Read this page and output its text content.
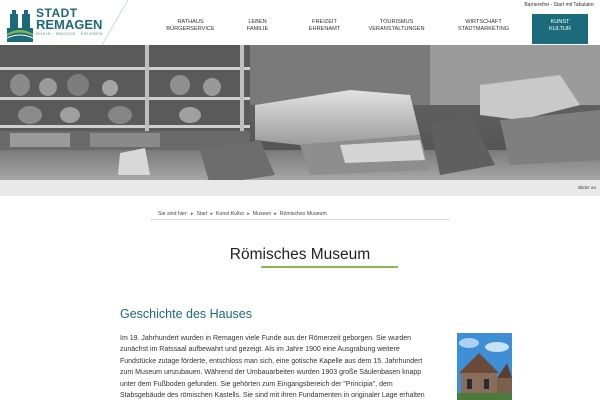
STADT
REMAGEN
RHEIN · BRÜCKE · ERLEBEN
Barrierefrei - Start mit Tabulator
RATHAUS
BÜRGERSERVICE
LEBEN
FAMILIE
FREIZEIT
EHRENAMT
TOURISMUS
VERANSTALTUNGEN
WIRTSCHAFT
STADTMARKETING
KUNST
KULTUR
Bilder au
Sie sind hier: ▸ Start ▸ Kunst Kultur ▸ Museen ▸ Römisches Museum
Römisches Museum
Geschichte des Hauses
Im 19. Jahrhundert wurden in Remagen viele Funde aus der Römerzeit geborgen. Sie wurden
zunächst im Ratssaal aufbewahrt und gezeigt. Als im Jahre 1900 eine Ausgrabung weitere
Fundstücke zutage förderte, entschloss man sich, eine gotische Kapelle aus dem 15. Jahrhundert
zum Museum umzubauen. Während der Umbauarbeiten wurden 1903 große Säulenbasen knapp
unter dem Fußboden gefunden. Sie gehörten zum Eingangsbereich der "Principia", dem
Stabsgebäude des römischen Kastells. Sie sind mit ihren Fundamenten in originaler Lage erhalten
